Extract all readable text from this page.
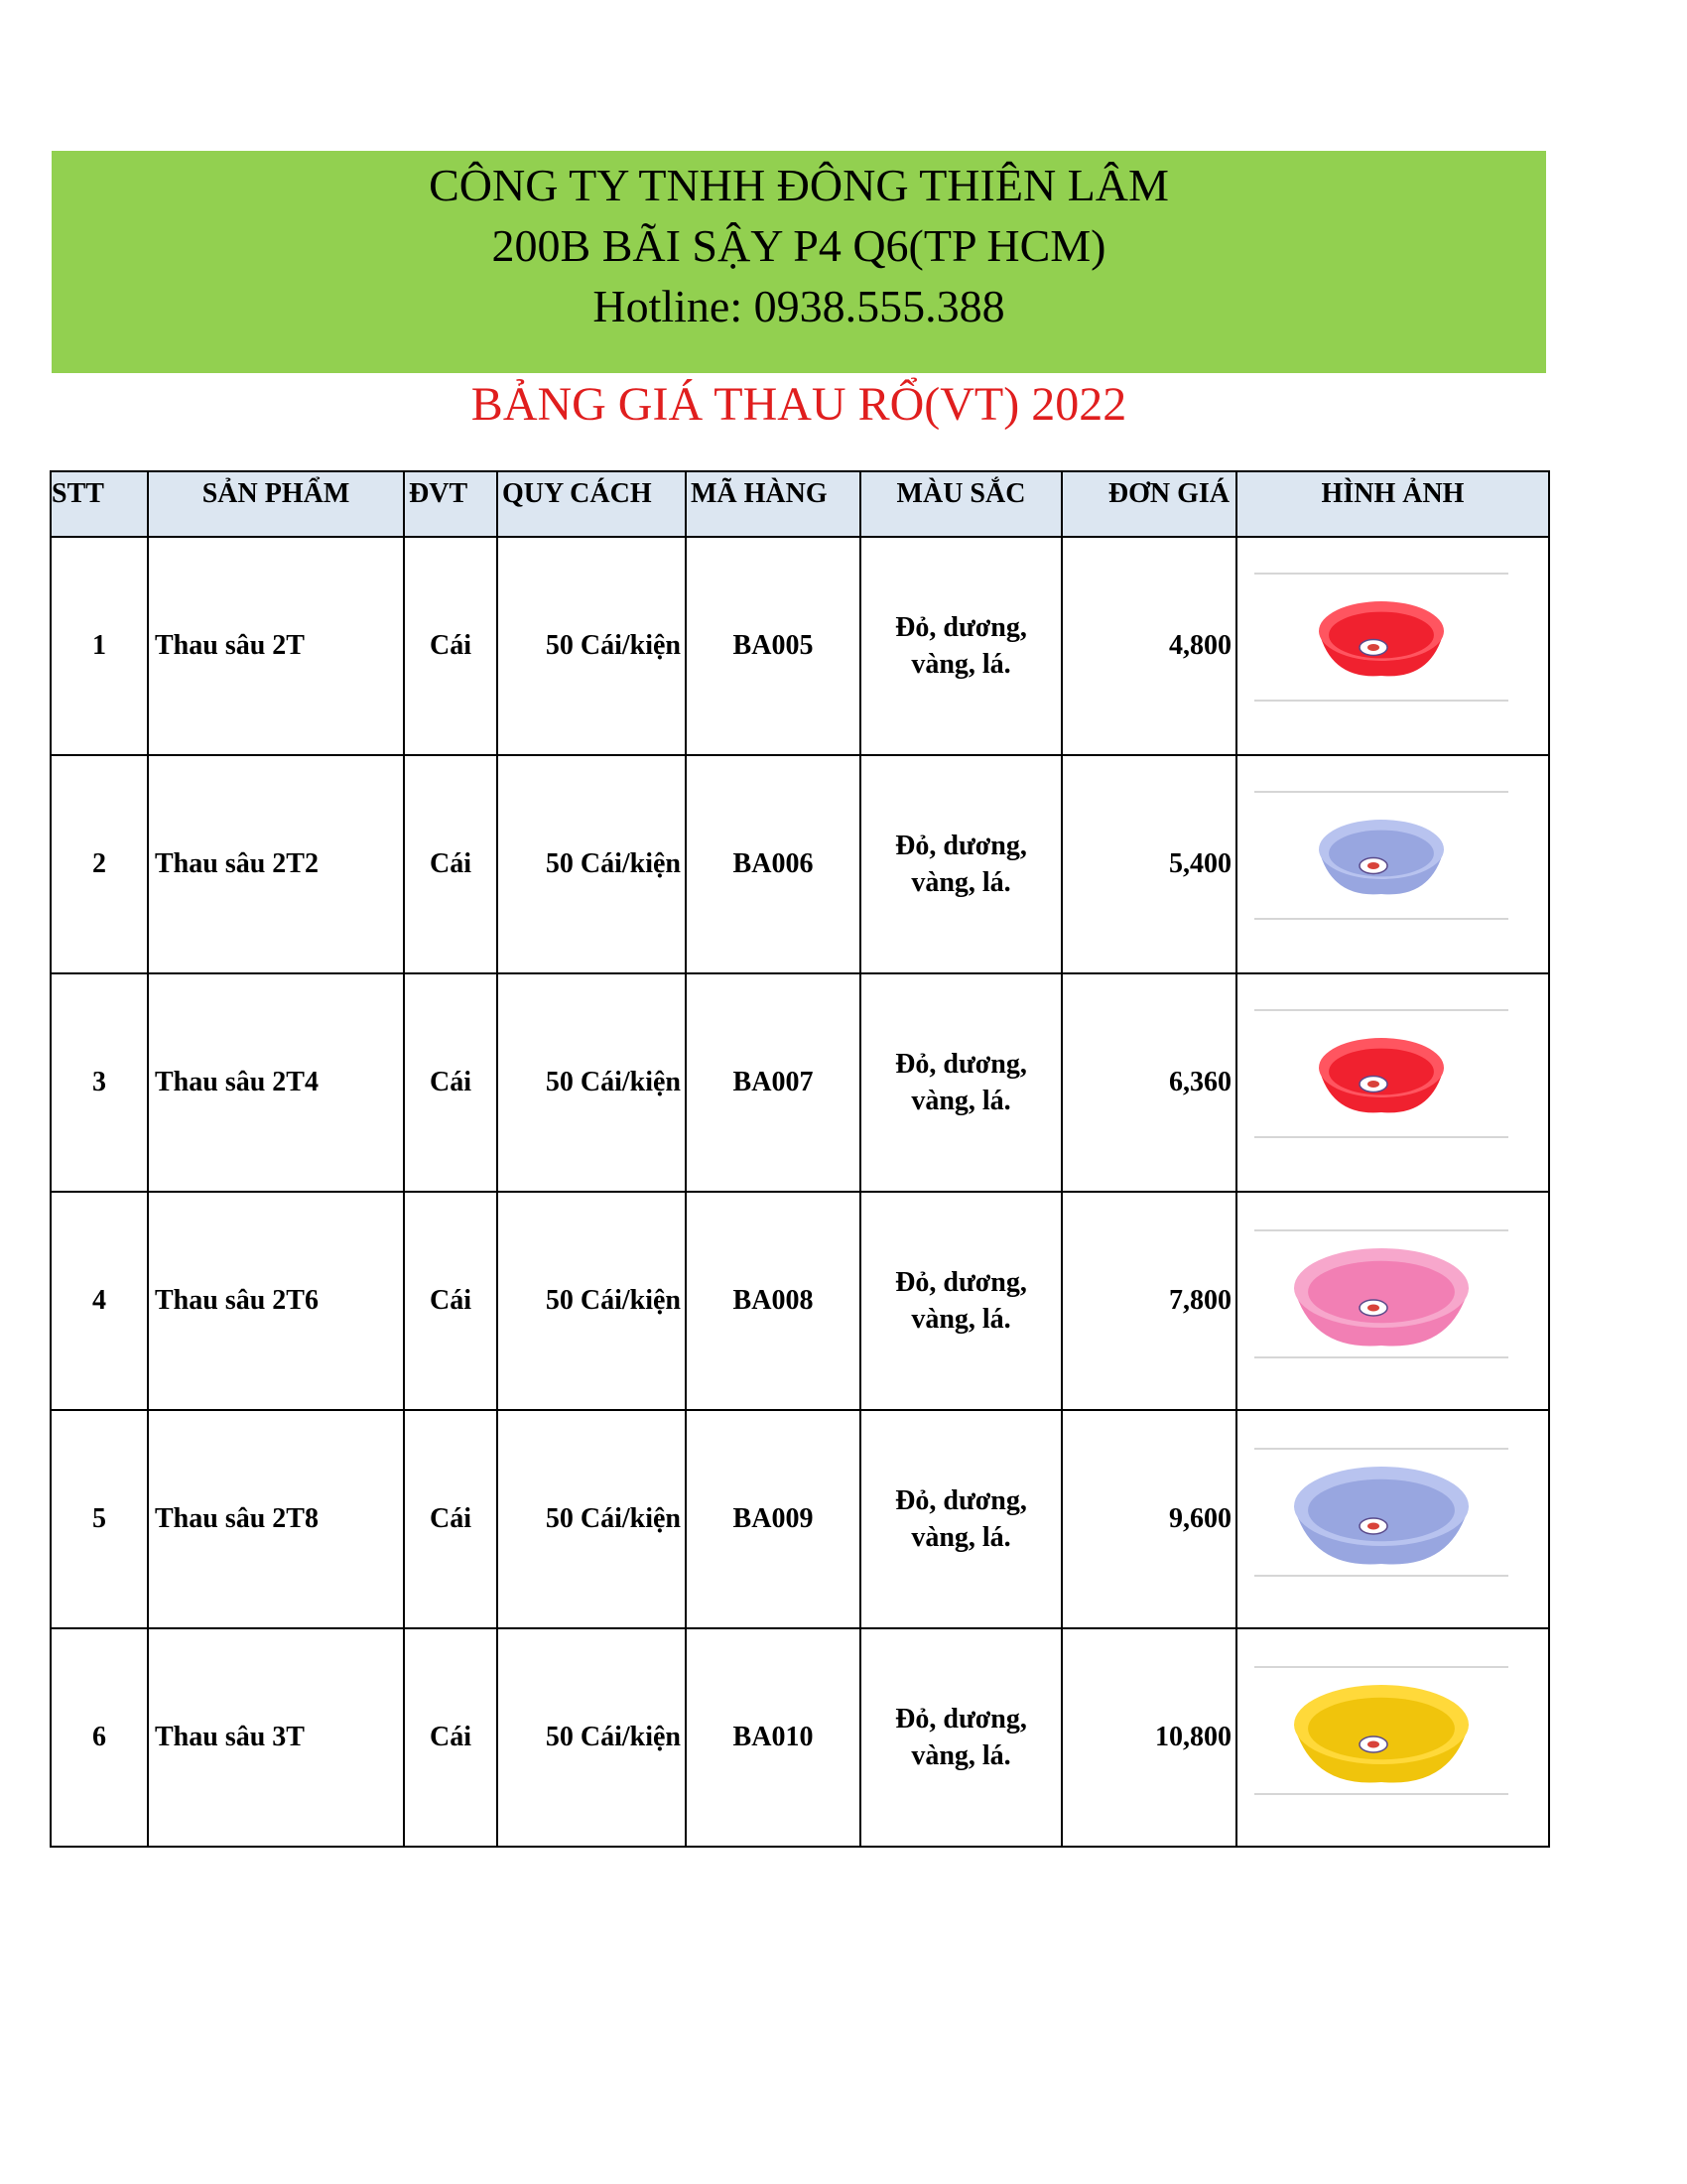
CÔNG TY TNHH ĐÔNG THIÊN LÂM
200B BÃI SẬY P4 Q6(TP HCM)
Hotline: 0938.555.388
BẢNG GIÁ THAU RỔ(VT) 2022
STT	SẢN PHẨM	ĐVT	QUY CÁCH	MÃ HÀNG	MÀU SẮC	ĐƠN GIÁ	HÌNH ẢNH
1	Thau sâu 2T	Cái	50 Cái/kiện	BA005	Đỏ, dương,
vàng, lá.	4,800	

2	Thau sâu 2T2	Cái	50 Cái/kiện	BA006	Đỏ, dương,
vàng, lá.	5,400	

3	Thau sâu 2T4	Cái	50 Cái/kiện	BA007	Đỏ, dương,
vàng, lá.	6,360	

4	Thau sâu 2T6	Cái	50 Cái/kiện	BA008	Đỏ, dương,
vàng, lá.	7,800	

5	Thau sâu 2T8	Cái	50 Cái/kiện	BA009	Đỏ, dương,
vàng, lá.	9,600	

6	Thau sâu 3T	Cái	50 Cái/kiện	BA010	Đỏ, dương,
vàng, lá.	10,800	
